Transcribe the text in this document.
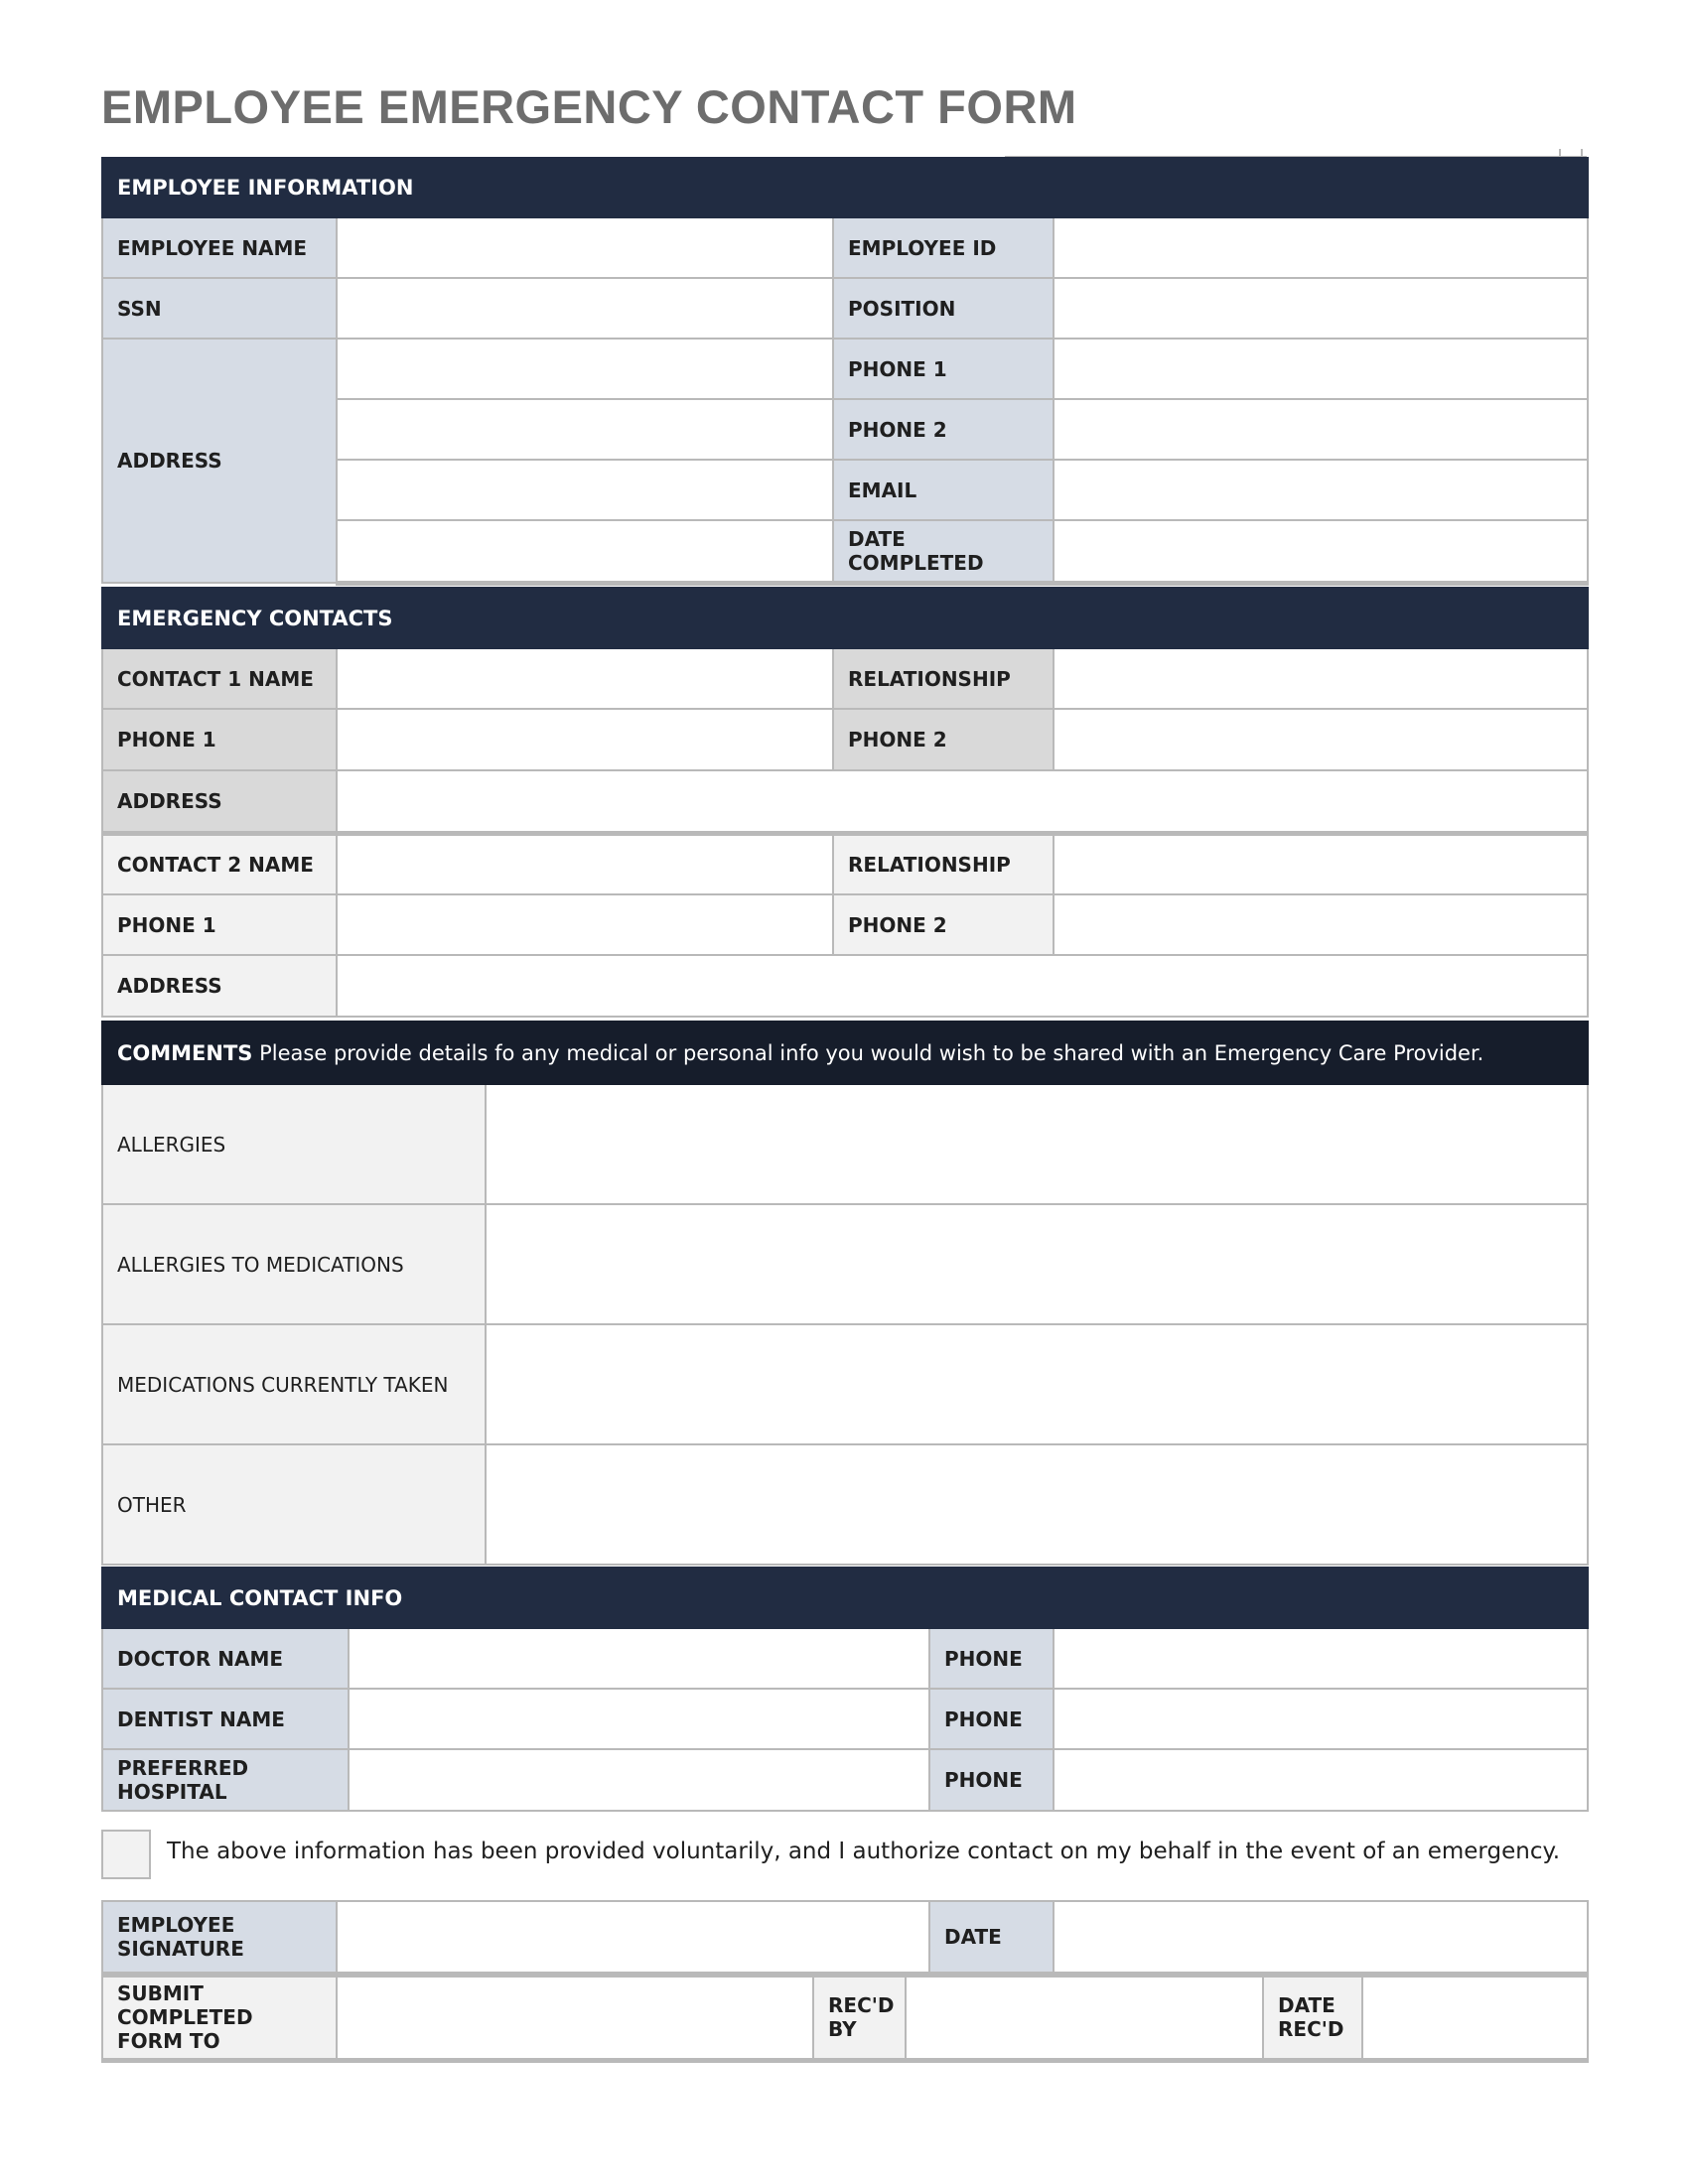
EMPLOYEE EMERGENCY CONTACT FORM
EMPLOYEE INFORMATION			
EMPLOYEE NAME		EMPLOYEE ID	
SSN		POSITION	
ADDRESS		PHONE 1	
		PHONE 2	
		EMAIL	
		DATE COMPLETED	
EMERGENCY CONTACTS			
CONTACT 1 NAME		RELATIONSHIP	
PHONE 1		PHONE 2	
ADDRESS			
CONTACT 2 NAME		RELATIONSHIP	
PHONE 1		PHONE 2	
ADDRESS			
COMMENTS Please provide details fo any medical or personal info you would wish to be shared with an Emergency Care Provider.	
ALLERGIES	
ALLERGIES TO MEDICATIONS	
MEDICATIONS CURRENTLY TAKEN	
OTHER	
MEDICAL CONTACT INFO			
DOCTOR NAME		PHONE	
DENTIST NAME		PHONE	
PREFERRED HOSPITAL		PHONE	
The above information has been provided voluntarily, and I authorize contact on my behalf in the event of an emergency.
EMPLOYEE SIGNATURE		DATE	
SUBMIT COMPLETED FORM TO		REC'D BY		DATE REC'D	
